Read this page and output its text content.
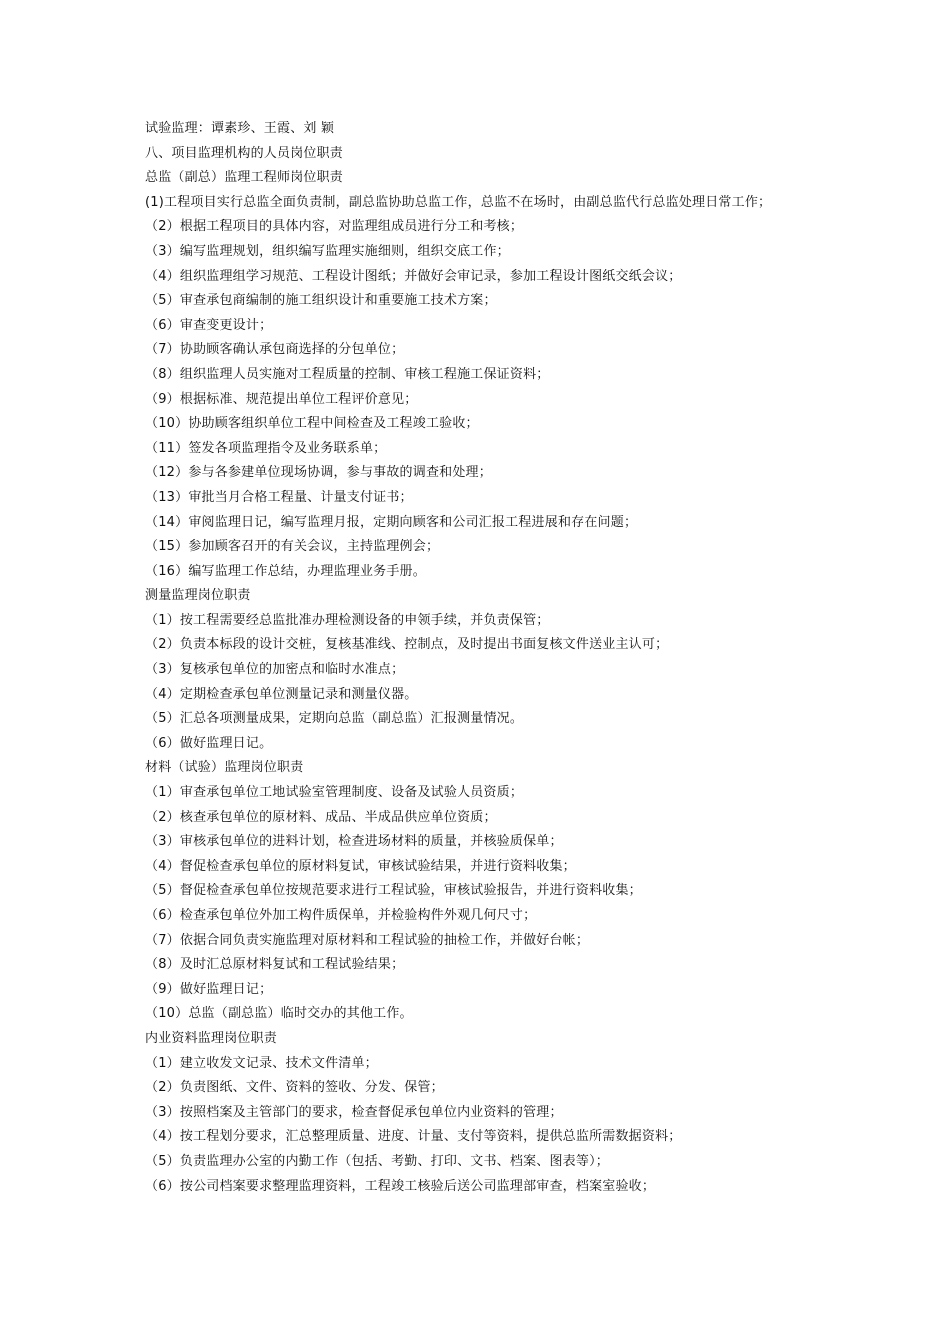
试验监理：谭素珍、王霞、刘 颖
八、项目监理机构的人员岗位职责
总监（副总）监理工程师岗位职责
(1)工程项目实行总监全面负责制，副总监协助总监工作，总监不在场时，由副总监代行总监处理日常工作；
（2）根据工程项目的具体内容，对监理组成员进行分工和考核；
（3）编写监理规划，组织编写监理实施细则，组织交底工作；
（4）组织监理组学习规范、工程设计图纸；并做好会审记录，参加工程设计图纸交纸会议；
（5）审查承包商编制的施工组织设计和重要施工技术方案；
（6）审查变更设计；
（7）协助顾客确认承包商选择的分包单位；
（8）组织监理人员实施对工程质量的控制、审核工程施工保证资料；
（9）根据标准、规范提出单位工程评价意见；
（10）协助顾客组织单位工程中间检查及工程竣工验收；
（11）签发各项监理指令及业务联系单；
（12）参与各参建单位现场协调，参与事故的调查和处理；
（13）审批当月合格工程量、计量支付证书；
（14）审阅监理日记，编写监理月报，定期向顾客和公司汇报工程进展和存在问题；
（15）参加顾客召开的有关会议，主持监理例会；
（16）编写监理工作总结，办理监理业务手册。
测量监理岗位职责
（1）按工程需要经总监批准办理检测设备的申领手续，并负责保管；
（2）负责本标段的设计交桩，复核基准线、控制点，及时提出书面复核文件送业主认可；
（3）复核承包单位的加密点和临时水准点；
（4）定期检查承包单位测量记录和测量仪器。
（5）汇总各项测量成果，定期向总监（副总监）汇报测量情况。
（6）做好监理日记。
材料（试验）监理岗位职责
（1）审查承包单位工地试验室管理制度、设备及试验人员资质；
（2）核查承包单位的原材料、成品、半成品供应单位资质；
（3）审核承包单位的进料计划，检查进场材料的质量，并核验质保单；
（4）督促检查承包单位的原材料复试，审核试验结果，并进行资料收集；
（5）督促检查承包单位按规范要求进行工程试验，审核试验报告，并进行资料收集；
（6）检查承包单位外加工构件质保单，并检验构件外观几何尺寸；
（7）依据合同负责实施监理对原材料和工程试验的抽检工作，并做好台帐；
（8）及时汇总原材料复试和工程试验结果；
（9）做好监理日记；
（10）总监（副总监）临时交办的其他工作。
内业资料监理岗位职责
（1）建立收发文记录、技术文件清单；
（2）负责图纸、文件、资料的签收、分发、保管；
（3）按照档案及主管部门的要求，检查督促承包单位内业资料的管理；
（4）按工程划分要求，汇总整理质量、进度、计量、支付等资料，提供总监所需数据资料；
（5）负责监理办公室的内勤工作（包括、考勤、打印、文书、档案、图表等）；
（6）按公司档案要求整理监理资料，工程竣工核验后送公司监理部审查，档案室验收；
